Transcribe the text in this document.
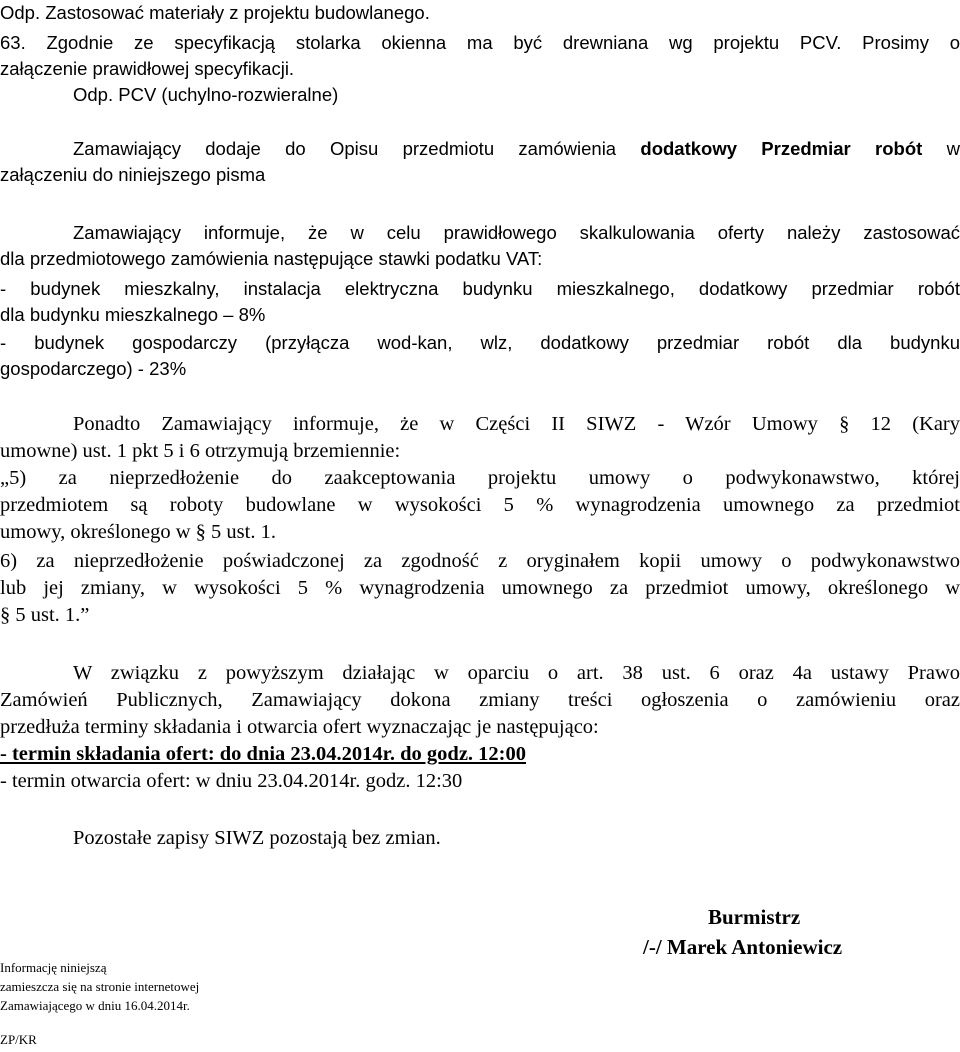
Odp. Zastosować materiały z projektu budowlanego.
63. Zgodnie ze specyfikacją stolarka okienna ma być drewniana wg projektu PCV. Prosimy o
załączenie prawidłowej specyfikacji.
Odp. PCV (uchylno-rozwieralne)
Zamawiający dodaje do Opisu przedmiotu zamówienia dodatkowy Przedmiar robót w
załączeniu do niniejszego pisma
Zamawiający informuje, że w celu prawidłowego skalkulowania oferty należy zastosować
dla przedmiotowego zamówienia następujące stawki podatku VAT:
- budynek mieszkalny, instalacja elektryczna budynku mieszkalnego, dodatkowy przedmiar robót
dla budynku mieszkalnego – 8%
- budynek gospodarczy (przyłącza wod-kan, wlz, dodatkowy przedmiar robót dla budynku
gospodarczego) - 23%
Ponadto Zamawiający informuje, że w Części II SIWZ - Wzór Umowy § 12 (Kary
umowne) ust. 1 pkt 5 i 6 otrzymują brzemiennie:
„5) za nieprzedłożenie do zaakceptowania projektu umowy o podwykonawstwo, której
przedmiotem są roboty budowlane w wysokości 5 % wynagrodzenia umownego za przedmiot
umowy, określonego w § 5 ust. 1.
6) za nieprzedłożenie poświadczonej za zgodność z oryginałem kopii umowy o podwykonawstwo
lub jej zmiany, w wysokości 5 % wynagrodzenia umownego za przedmiot umowy, określonego w
§ 5 ust. 1.”
W związku z powyższym działając w oparciu o art. 38 ust. 6 oraz 4a ustawy Prawo
Zamówień Publicznych, Zamawiający dokona zmiany treści ogłoszenia o zamówieniu oraz
przedłuża terminy składania i otwarcia ofert wyznaczając je następująco:
- termin składania ofert: do dnia 23.04.2014r. do godz. 12:00
- termin otwarcia ofert: w dniu 23.04.2014r. godz. 12:30
Pozostałe zapisy SIWZ pozostają bez zmian.
Burmistrz
/-/ Marek Antoniewicz
Informację niniejszą
zamieszcza się na stronie internetowej
Zamawiającego w dniu 16.04.2014r.
ZP/KR
